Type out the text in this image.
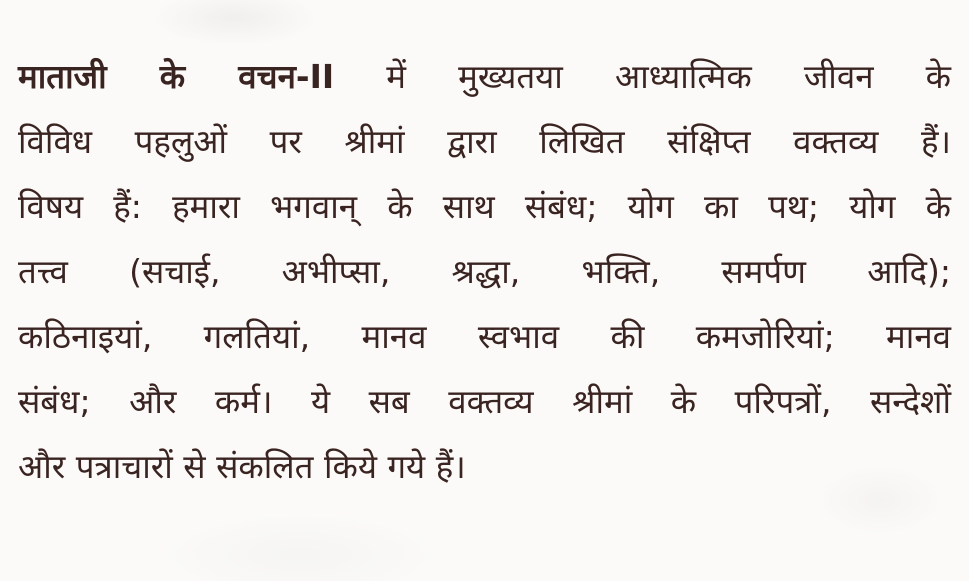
माताजी के वचन-II में मुख्यतया आध्यात्मिक जीवन के
विविध पहलुओं पर श्रीमां द्वारा लिखित संक्षिप्त वक्तव्य हैं।
विषय हैं: हमारा भगवान् के साथ संबंध; योग का पथ; योग के
तत्त्व (सचाई, अभीप्सा, श्रद्धा, भक्ति, समर्पण आदि);
कठिनाइयां, गलतियां, मानव स्वभाव की कमजोरियां; मानव
संबंध; और कर्म। ये सब वक्तव्य श्रीमां के परिपत्रों, सन्देशों
और पत्राचारों से संकलित किये गये हैं।
